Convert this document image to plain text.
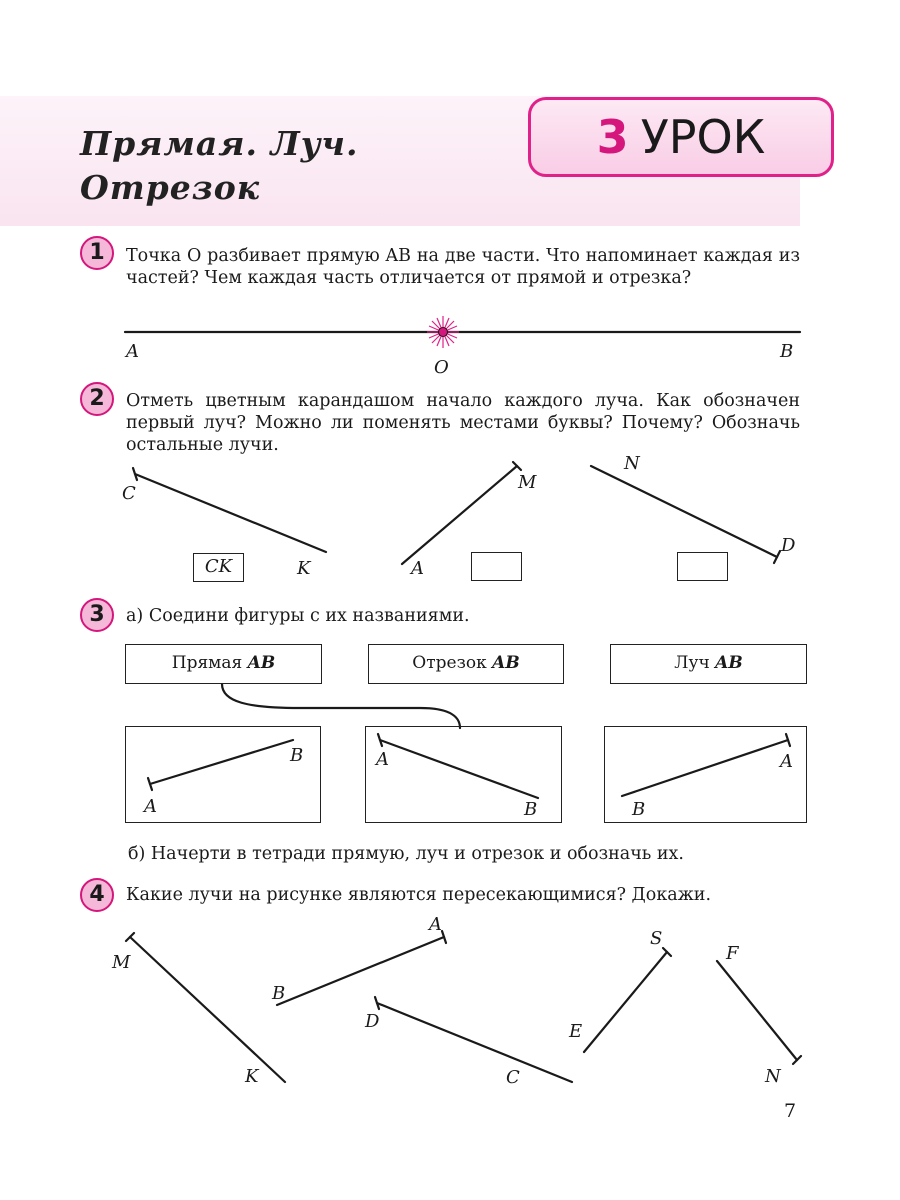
Прямая. Луч.
Отрезок
3 УРОК
1	Точка O разбивает прямую AB на две части. Что напоминает каждая из частей? Чем каждая часть отличается от прямой и отрезка?
A
O
B
2	Отметь цветным карандашом начало каждого луча. Как обозначен первый луч? Можно ли поменять местами буквы? Почему? Обозначь остальные лучи.
C
K
M
A
N
D
CK
3	а) Соедини фигуры с их названиями.
Прямая AB	Отрезок AB	Луч AB
B
A
A
B
A
B
б) Начерти в тетради прямую, луч и отрезок и обозначь их.
4	Какие лучи на рисунке являются пересекающимися? Докажи.
M
K
A
B
D
C
S
E
F
N
7
